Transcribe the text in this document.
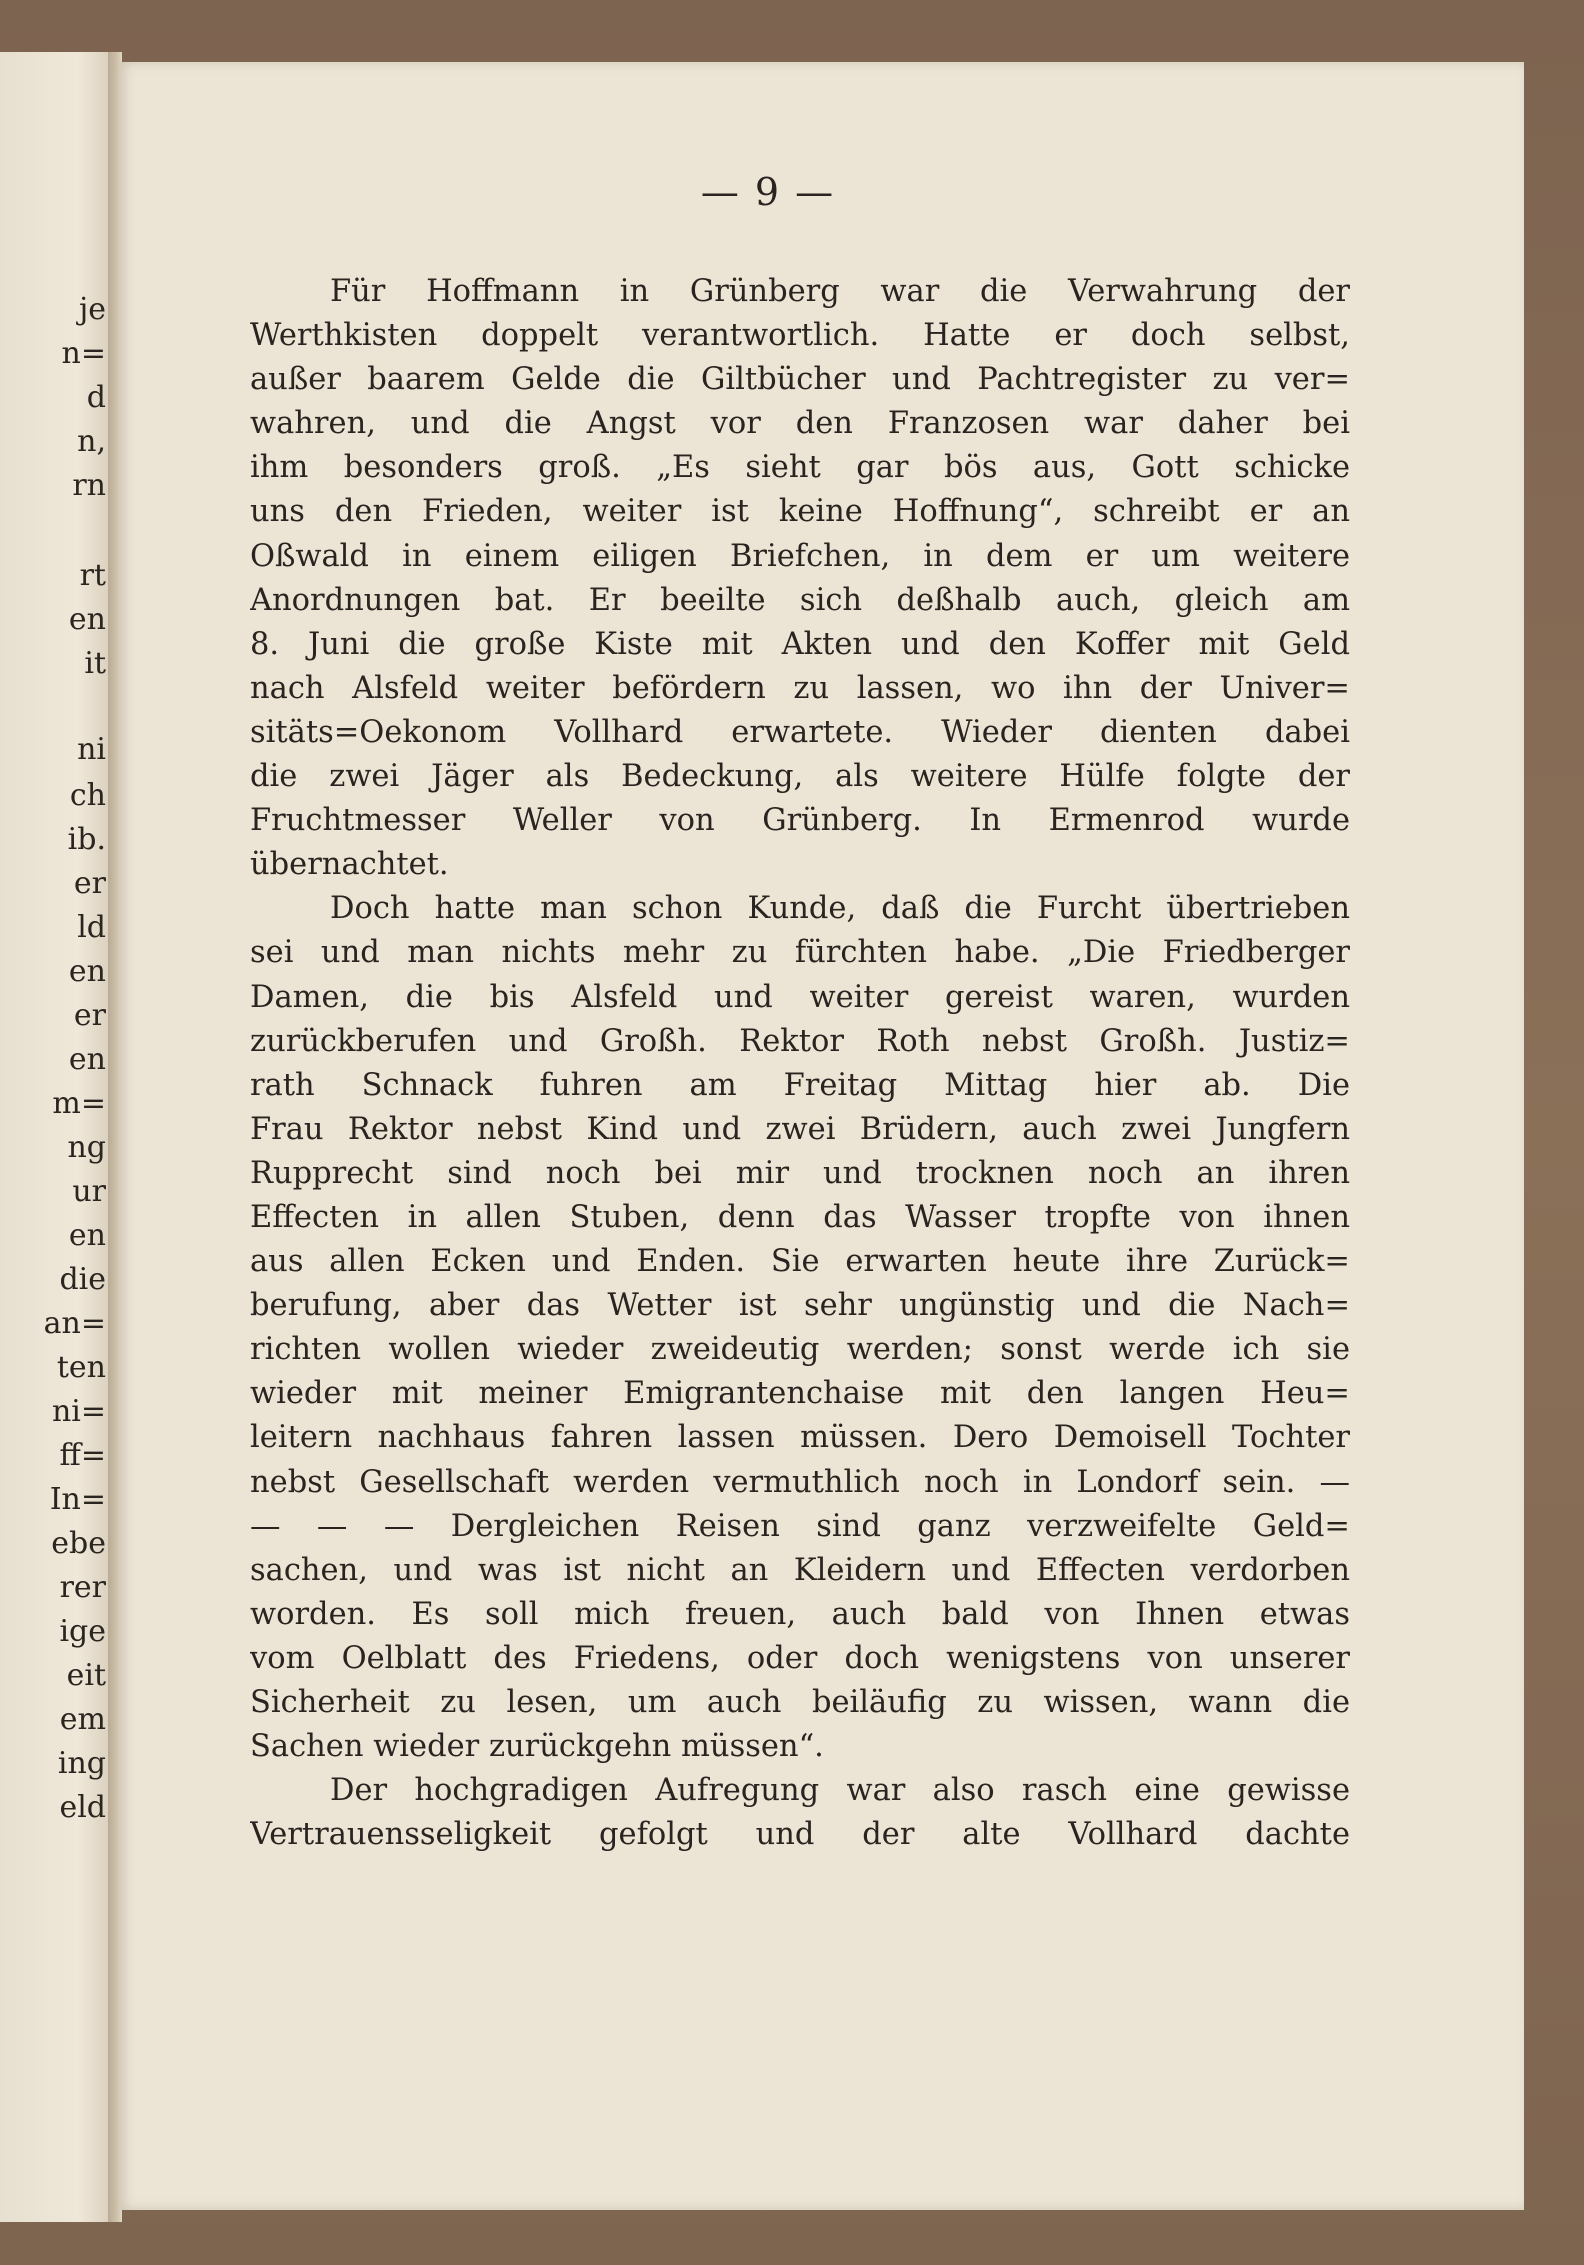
je
n=
d
n,
rn
rt
en
it
ni
ch
ib.
er
ld
en
er
en
m=
ng
ur
en
die
an=
ten
ni=
ff=
In=
ebe
rer
ige
eit
em
ing
eld
— 9 —
Für Hoffmann in Grünberg war die Verwahrung der
Werthkisten doppelt verantwortlich. Hatte er doch selbst,
außer baarem Gelde die Giltbücher und Pachtregister zu ver=
wahren, und die Angst vor den Franzosen war daher bei
ihm besonders groß. „Es sieht gar bös aus, Gott schicke
uns den Frieden, weiter ist keine Hoffnung“, schreibt er an
Oßwald in einem eiligen Briefchen, in dem er um weitere
Anordnungen bat. Er beeilte sich deßhalb auch, gleich am
8. Juni die große Kiste mit Akten und den Koffer mit Geld
nach Alsfeld weiter befördern zu lassen, wo ihn der Univer=
sitäts=Oekonom Vollhard erwartete. Wieder dienten dabei
die zwei Jäger als Bedeckung, als weitere Hülfe folgte der
Fruchtmesser Weller von Grünberg. In Ermenrod wurde
übernachtet.
Doch hatte man schon Kunde, daß die Furcht übertrieben
sei und man nichts mehr zu fürchten habe. „Die Friedberger
Damen, die bis Alsfeld und weiter gereist waren, wurden
zurückberufen und Großh. Rektor Roth nebst Großh. Justiz=
rath Schnack fuhren am Freitag Mittag hier ab. Die
Frau Rektor nebst Kind und zwei Brüdern, auch zwei Jungfern
Rupprecht sind noch bei mir und trocknen noch an ihren
Effecten in allen Stuben, denn das Wasser tropfte von ihnen
aus allen Ecken und Enden. Sie erwarten heute ihre Zurück=
berufung, aber das Wetter ist sehr ungünstig und die Nach=
richten wollen wieder zweideutig werden; sonst werde ich sie
wieder mit meiner Emigrantenchaise mit den langen Heu=
leitern nachhaus fahren lassen müssen. Dero Demoisell Tochter
nebst Gesellschaft werden vermuthlich noch in Londorf sein. —
— — — Dergleichen Reisen sind ganz verzweifelte Geld=
sachen, und was ist nicht an Kleidern und Effecten verdorben
worden. Es soll mich freuen, auch bald von Ihnen etwas
vom Oelblatt des Friedens, oder doch wenigstens von unserer
Sicherheit zu lesen, um auch beiläufig zu wissen, wann die
Sachen wieder zurückgehn müssen“.
Der hochgradigen Aufregung war also rasch eine gewisse
Vertrauensseligkeit gefolgt und der alte Vollhard dachte
